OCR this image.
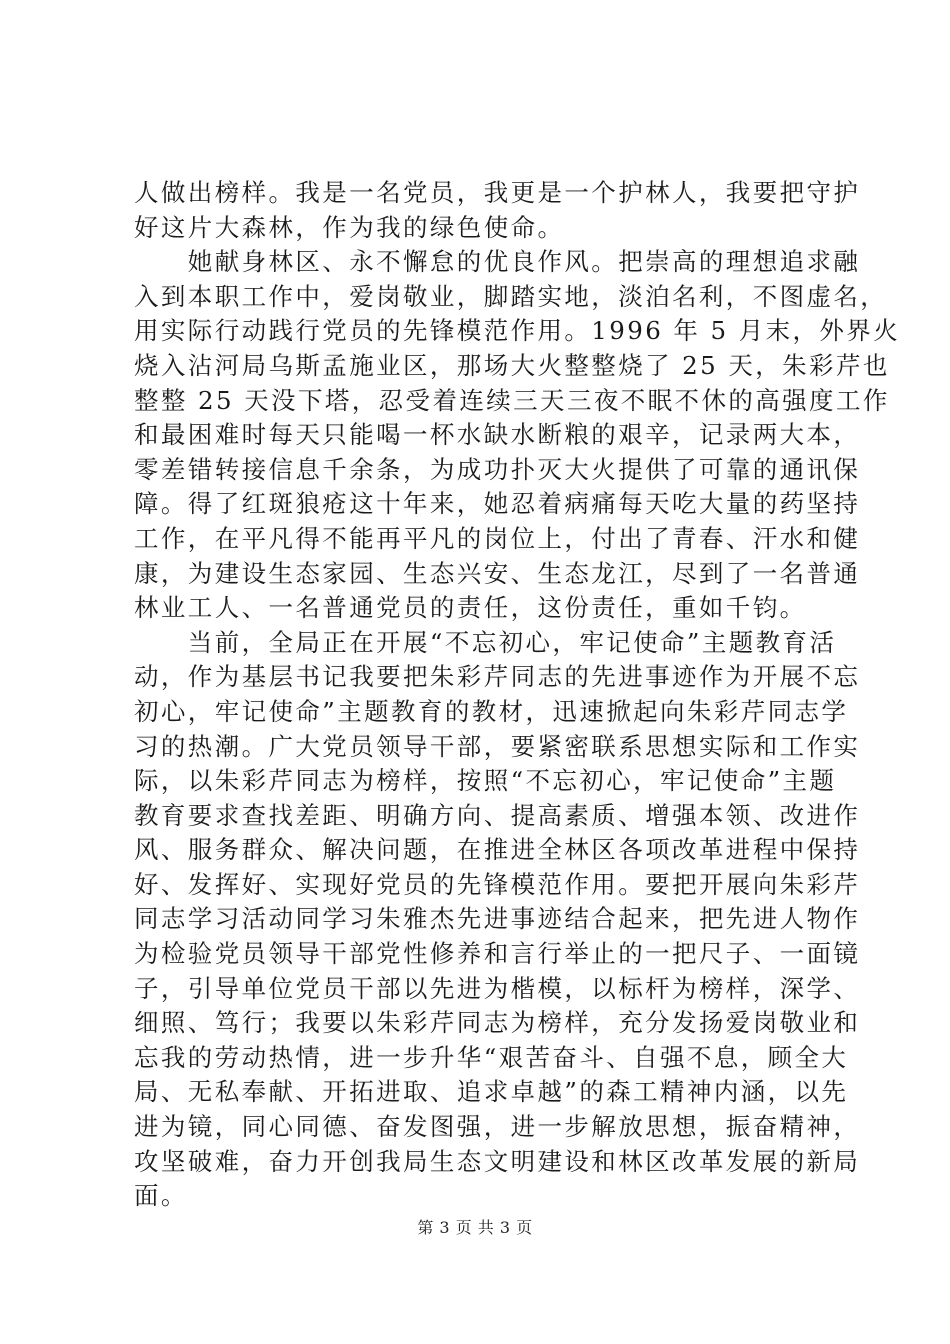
人做出榜样。我是一名党员，我更是一个护林人，我要把守护
好这片大森林，作为我的绿色使命。
　　她献身林区、永不懈怠的优良作风。把崇高的理想追求融
入到本职工作中，爱岗敬业，脚踏实地，淡泊名利，不图虚名，
用实际行动践行党员的先锋模范作用。1996 年 5 月末，外界火
烧入沾河局乌斯孟施业区，那场大火整整烧了 25 天，朱彩芹也
整整 25 天没下塔，忍受着连续三天三夜不眠不休的高强度工作
和最困难时每天只能喝一杯水缺水断粮的艰辛，记录两大本，
零差错转接信息千余条，为成功扑灭大火提供了可靠的通讯保
障。得了红斑狼疮这十年来，她忍着病痛每天吃大量的药坚持
工作，在平凡得不能再平凡的岗位上，付出了青春、汗水和健
康，为建设生态家园、生态兴安、生态龙江，尽到了一名普通
林业工人、一名普通党员的责任，这份责任，重如千钧。
　　当前，全局正在开展“不忘初心，牢记使命”主题教育活
动，作为基层书记我要把朱彩芹同志的先进事迹作为开展不忘
初心，牢记使命”主题教育的教材，迅速掀起向朱彩芹同志学
习的热潮。广大党员领导干部，要紧密联系思想实际和工作实
际，以朱彩芹同志为榜样，按照“不忘初心，牢记使命”主题
教育要求查找差距、明确方向、提高素质、增强本领、改进作
风、服务群众、解决问题，在推进全林区各项改革进程中保持
好、发挥好、实现好党员的先锋模范作用。要把开展向朱彩芹
同志学习活动同学习朱雅杰先进事迹结合起来，把先进人物作
为检验党员领导干部党性修养和言行举止的一把尺子、一面镜
子，引导单位党员干部以先进为楷模，以标杆为榜样，深学、
细照、笃行；我要以朱彩芹同志为榜样，充分发扬爱岗敬业和
忘我的劳动热情，进一步升华“艰苦奋斗、自强不息，顾全大
局、无私奉献、开拓进取、追求卓越”的森工精神内涵，以先
进为镜，同心同德、奋发图强，进一步解放思想，振奋精神，
攻坚破难，奋力开创我局生态文明建设和林区改革发展的新局
面。
第 3 页 共 3 页
